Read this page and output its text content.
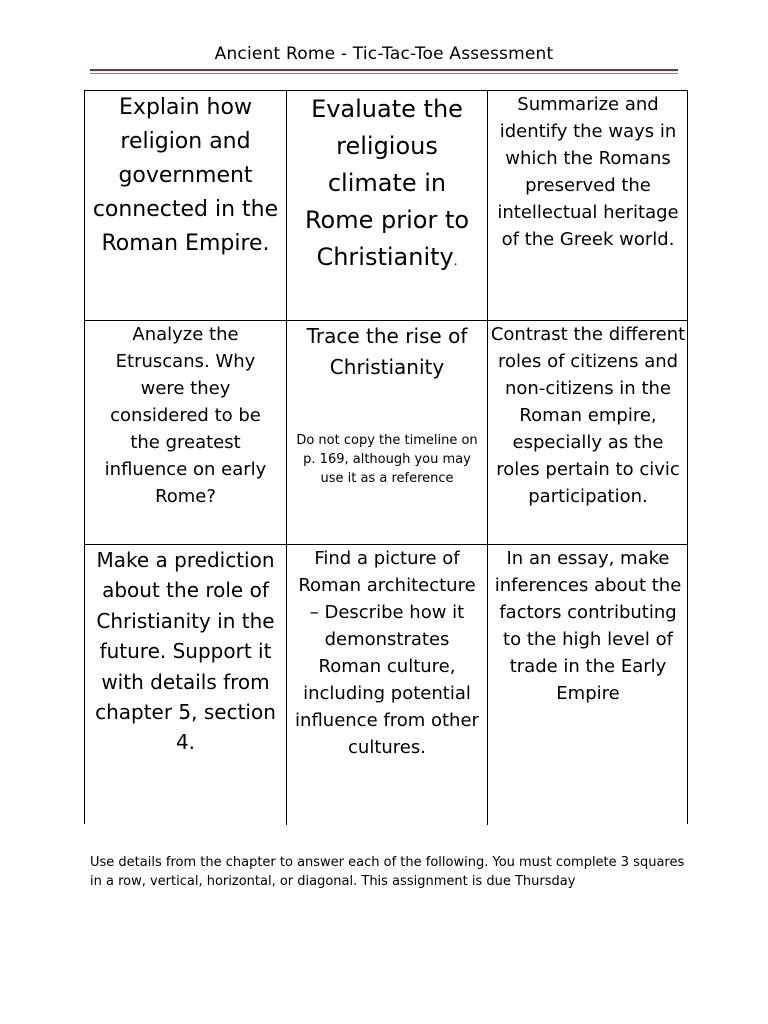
Ancient Rome - Tic-Tac-Toe Assessment
Explain how religion and government connected in the Roman Empire.
Evaluate the religious climate in Rome prior to Christianity.
Summarize and identify the ways in which the Romans preserved the intellectual heritage of the Greek world.
Analyze the Etruscans. Why were they considered to be the greatest influence on early Rome?
Trace the rise of Christianity
Do not copy the timeline on p. 169, although you may use it as a reference
Contrast the different roles of citizens and non-citizens in the Roman empire, especially as the roles pertain to civic participation.
Make a prediction about the role of Christianity in the future. Support it with details from chapter 5, section 4.
Find a picture of Roman architecture – Describe how it demonstrates Roman culture, including potential influence from other cultures.
In an essay, make inferences about the factors contributing to the high level of trade in the Early Empire
Use details from the chapter to answer each of the following. You must complete 3 squares in a row, vertical, horizontal, or diagonal. This assignment is due Thursday
